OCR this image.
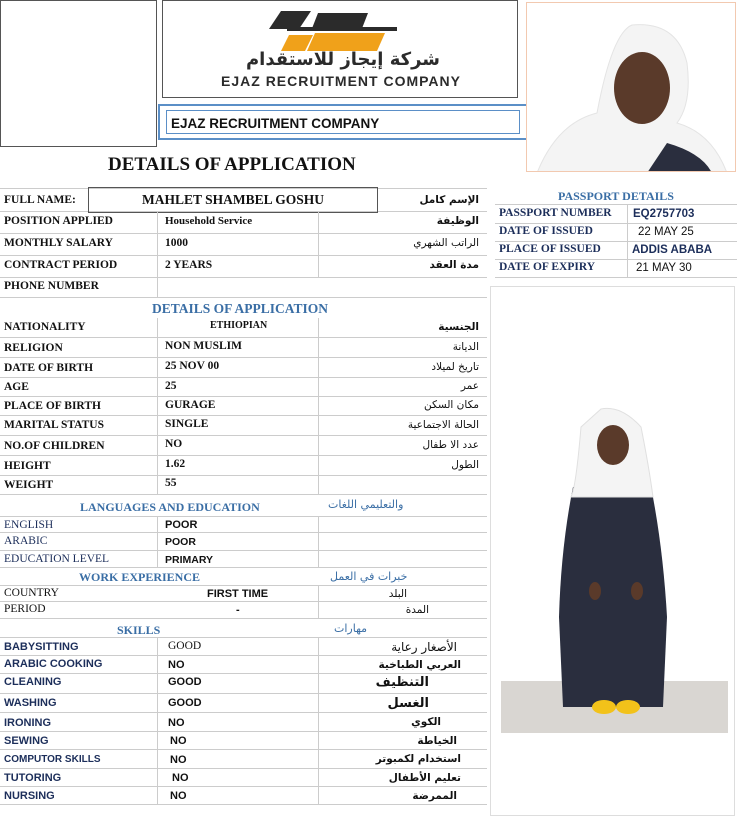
شركة إيجاز للاستقدام
EJAZ RECRUITMENT COMPANY
EJAZ RECRUITMENT COMPANY
DETAILS OF APPLICATION
FULL NAME:	MAHLET SHAMBEL GOSHU	الإسم كامل
POSITION APPLIED	Household Service	الوظيفة
MONTHLY SALARY	1000	الراتب الشهري
CONTRACT PERIOD	2 YEARS	مدة العقد
PHONE NUMBER
DETAILS OF APPLICATION
NATIONALITY	ETHIOPIAN	الجنسية
RELIGION	NON MUSLIM	الديانة
DATE OF BIRTH	25 NOV 00	تاريخ لميلاد
AGE	25	عمر
PLACE OF BIRTH	GURAGE	مكان السكن
MARITAL STATUS	SINGLE	الحالة الاجتماعية
NO.OF CHILDREN	NO	عدد الا طفال
HEIGHT	1.62	الطول
WEIGHT	55
LANGUAGES AND EDUCATION	والتعليمي اللغات
ENGLISH	POOR
ARABIC	POOR
EDUCATION LEVEL	PRIMARY
WORK EXPERIENCE	خبرات في العمل
COUNTRY	FIRST TIME	البلد
PERIOD	-	المدة
SKILLS	مهارات
BABYSITTING	GOOD	الأصغار رعاية
ARABIC COOKING	NO	العربي الطباخية
CLEANING	GOOD	التنظيف
WASHING	GOOD	الغسل
IRONING	NO	الكوي
SEWING	NO	الخياطة
COMPUTOR SKILLS	NO	استخدام لكمبوتر
TUTORING	NO	تعليم الأطفال
NURSING	NO	الممرضة
PASSPORT DETAILS
PASSPORT NUMBER EQ2757703
DATE OF ISSUED	22 MAY 25
PLACE OF ISSUED	ADDIS ABABA
DATE OF EXPIRY	21 MAY 30
